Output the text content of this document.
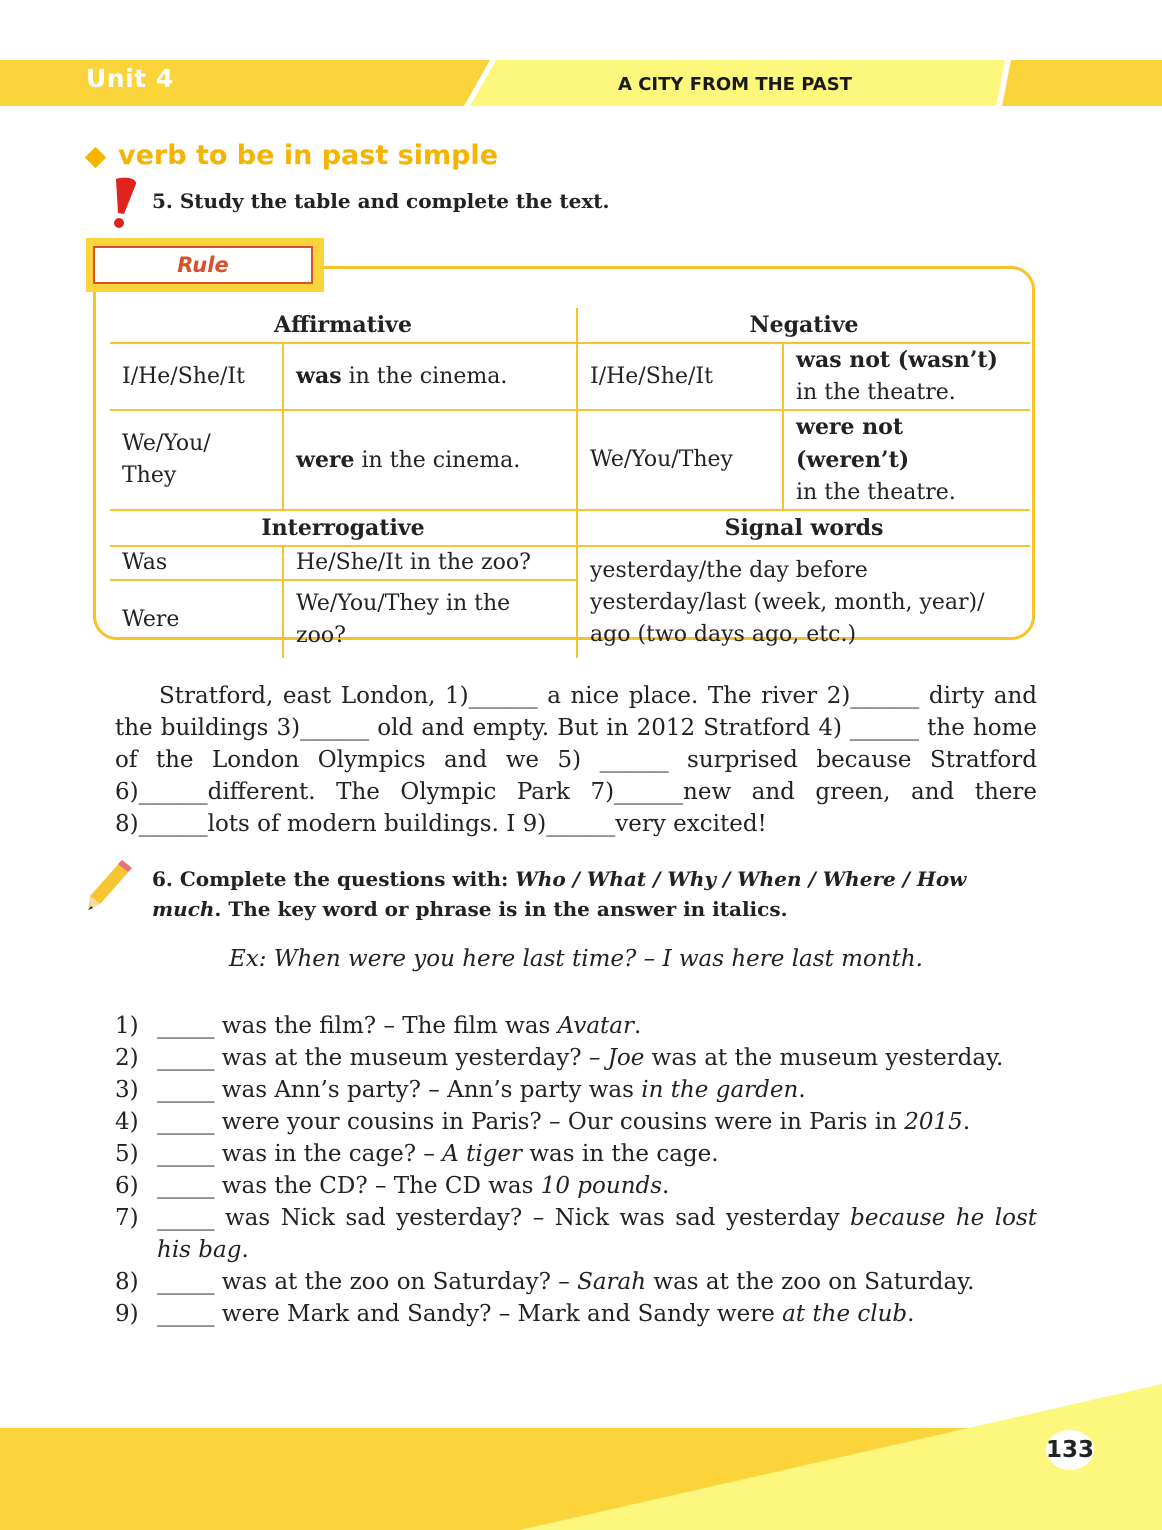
Unit 4	A CITY FROM THE PAST
verb to be in past simple
5. Study the table and complete the text.
Rule
Affirmative		Negative	
I/He/She/It	was in the cinema.	I/He/She/It	was not (wasn’t)
in the theatre.
We/You/ They	were in the cinema.	We/You/They	were not (weren’t)
in the theatre.
Interrogative		Signal words	
Was	He/She/It in the zoo?	yesterday/the day before yesterday/last (week, month, year)/ ago (two days ago, etc.)	
Were	We/You/They in the zoo?		
Stratford, east London, 1)______ a nice place. The river 2)______ dirty and the buildings 3)______ old and empty. But in 2012 Stratford 4) ______ the home of the London Olympics and we 5) ______ surprised because Stratford 6)______different. The Olympic Park 7)______new and green, and there 8)______lots of modern buildings. I 9)______very excited!
6. Complete the questions with: Who / What / Why / When / Where / How much. The key word or phrase is in the answer in italics.
Ex: When were you here last time? – I was here last month.
1) _____ was the film? – The film was Avatar.
2) _____ was at the museum yesterday? – Joe was at the museum yesterday.
3) _____ was Ann’s party? – Ann’s party was in the garden.
4) _____ were your cousins in Paris? – Our cousins were in Paris in 2015.
5) _____ was in the cage? – A tiger was in the cage.
6) _____ was the CD? – The CD was 10 pounds.
7) _____ was Nick sad yesterday? – Nick was sad yesterday because he lost his bag.
8) _____ was at the zoo on Saturday? – Sarah was at the zoo on Saturday.
9) _____ were Mark and Sandy? – Mark and Sandy were at the club.
133
